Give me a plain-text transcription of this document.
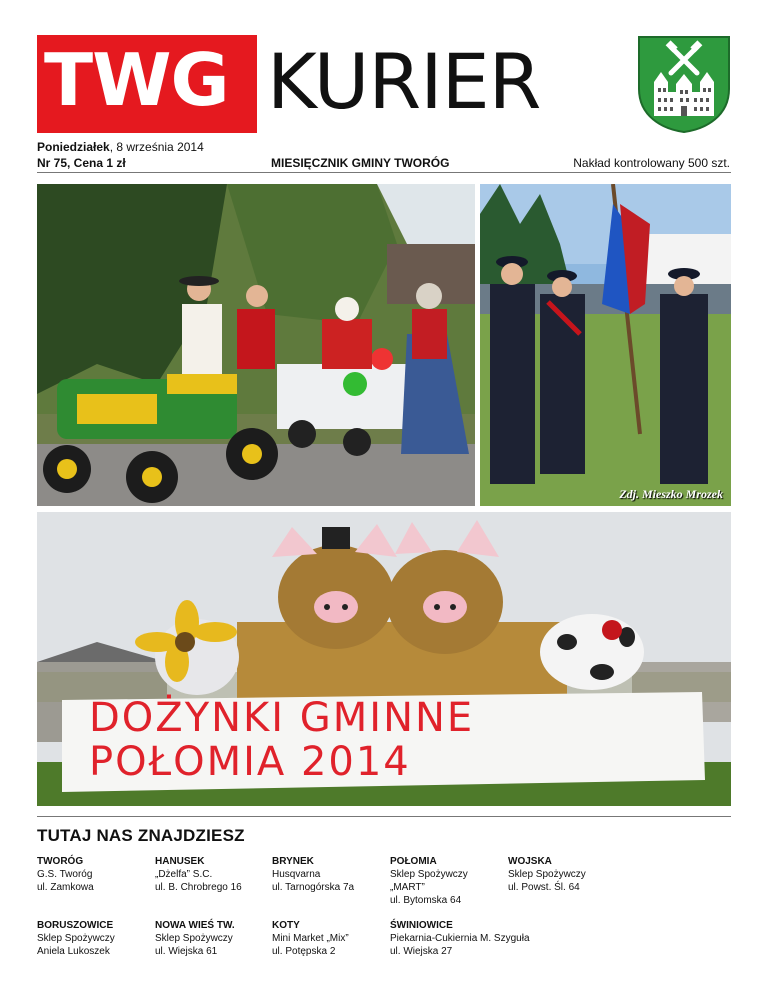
TWG KURIER
Poniedziałek, 8 września 2014
Nr 75, Cena 1 zł	MIESIĘCZNIK GMINY TWORÓG	Nakład kontrolowany 500 szt.
Zdj. Mieszko Mrozek
DOŻYNKI GMINNE
POŁOMIA 2014
TUTAJ NAS ZNAJDZIESZ
TWORÓG
G.S. Tworóg
ul. Zamkowa
HANUSEK
„Dżelfa” S.C.
ul. B. Chrobrego 16
BRYNEK
Husqvarna
ul. Tarnogórska 7a
POŁOMIA
Sklep Spożywczy
„MART”
ul. Bytomska 64
WOJSKA
Sklep Spożywczy
ul. Powst. Śl. 64
BORUSZOWICE
Sklep Spożywczy
Aniela Lukoszek
NOWA WIEŚ TW.
Sklep Spożywczy
ul. Wiejska 61
KOTY
Mini Market „Mix”
ul. Potępska 2
ŚWINIOWICE
Piekarnia-Cukiernia M. Szyguła
ul. Wiejska 27
